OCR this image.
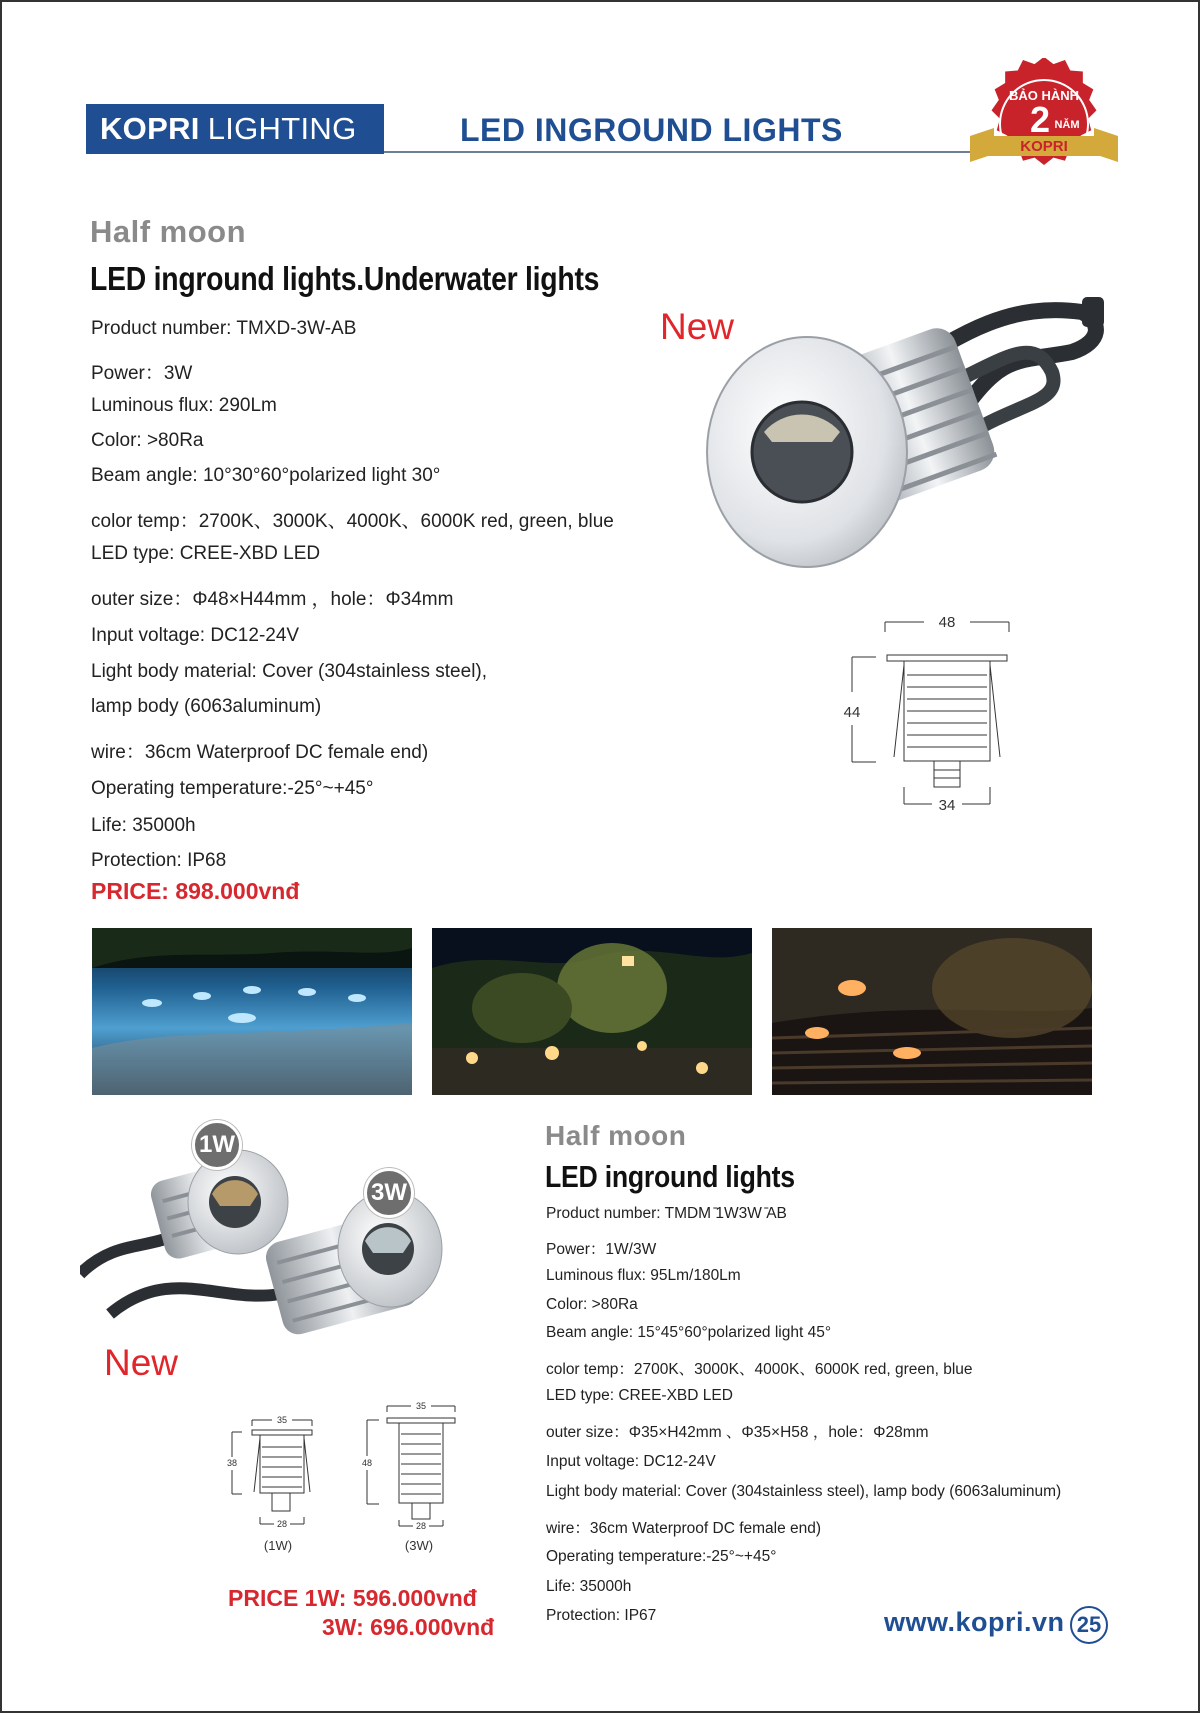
KOPRI LIGHTING	LED INGROUND LIGHTS	KOPRI
BẢO HÀNH
2 NĂM
Half moon
LED inground lights.Underwater lights
Product number: TMXD-3W-AB
Power：3W
Luminous flux: 290Lm
Color: >80Ra
Beam angle: 10°30°60°polarized light 30°
color temp：2700K、3000K、4000K、6000K red, green, blue
LED type: CREE-XBD LED
outer size：Φ48×H44mm ，hole：Φ34mm
Input voltage: DC12-24V
Light body material: Cover (304stainless steel),
lamp body (6063aluminum)
wire：36cm Waterproof DC female end)
Operating temperature:-25°~+45°
Life: 35000h
Protection: IP68
PRICE: 898.000vnđ
New
48
44
34
1W
3W
New
35
38
28
(1W)
35
48
28
(3W)
PRICE 1W: 596.000vnđ
3W: 696.000vnđ
Half moon
LED inground lights
Product number: TMDM ̄1W3W ̄AB
Power：1W/3W
Luminous flux: 95Lm/180Lm
Color: >80Ra
Beam angle: 15°45°60°polarized light 45°
color temp：2700K、3000K、4000K、6000K red, green, blue
LED type: CREE-XBD LED
outer size：Φ35×H42mm 、Φ35×H58 ，hole：Φ28mm
Input voltage: DC12-24V
Light body material: Cover (304stainless steel), lamp body (6063aluminum)
wire：36cm Waterproof DC female end)
Operating temperature:-25°~+45°
Life: 35000h
Protection: IP67	www.kopri.vn 25
